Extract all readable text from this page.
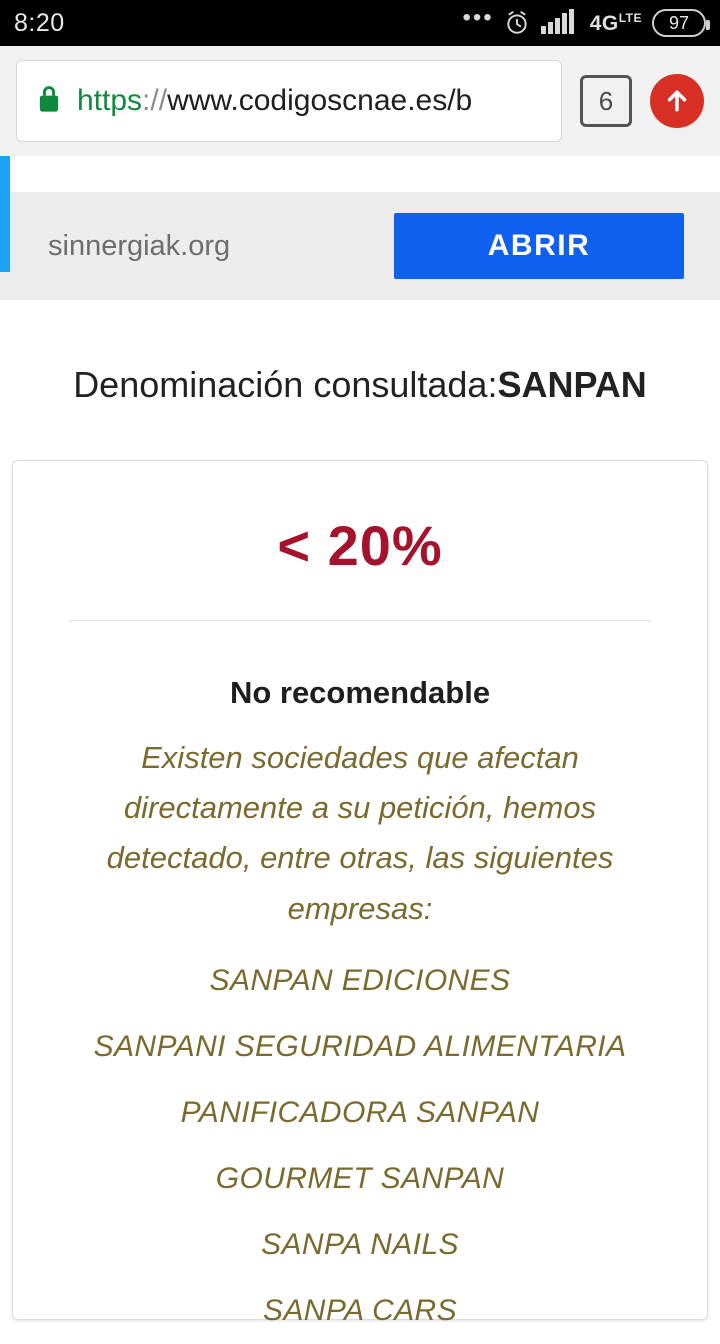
8:20	•••	$4G^{LTE}$ 97
https://www.codigoscnae.es/b	6
sinnergiak.org	ABRIR
Denominación consultada:SANPAN
< 20%
No recomendable
Existen sociedades que afectan directamente a su petición, hemos detectado, entre otras, las siguientes empresas:
SANPAN EDICIONES
SANPANI SEGURIDAD ALIMENTARIA
PANIFICADORA SANPAN
GOURMET SANPAN
SANPA NAILS
SANPA CARS
